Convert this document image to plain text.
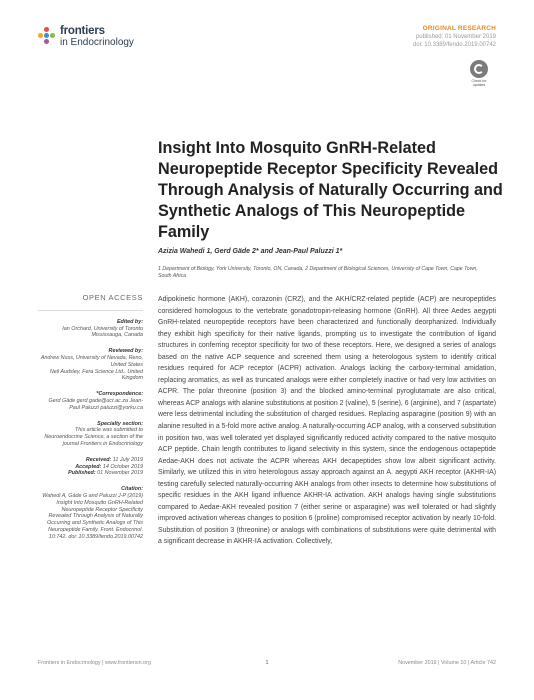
frontiers
in Endocrinology
ORIGINAL RESEARCH
published: 01 November 2019
doi: 10.3389/fendo.2019.00742
Check for updates
Insight Into Mosquito GnRH-Related Neuropeptide Receptor Specificity Revealed Through Analysis of Naturally Occurring and Synthetic Analogs of This Neuropeptide Family
Azizia Wahedi 1, Gerd Gäde 2* and Jean-Paul Paluzzi 1*
1 Department of Biology, York University, Toronto, ON, Canada, 2 Department of Biological Sciences, University of Cape Town, Cape Town, South Africa
OPEN ACCESS
Edited by:
Ian Orchard, University of Toronto Mississauga, Canada
Reviewed by:
Andrew Nuss, University of Nevada, Reno, United States
Neil Audsley, Fera Science Ltd., United Kingdom
*Correspondence:
Gerd Gäde gerd.gade@uct.ac.za Jean-Paul Paluzzi paluzzi@yorku.ca
Specialty section:
This article was submitted to Neuroendocrine Science, a section of the journal Frontiers in Endocrinology
Received: 11 July 2019
Accepted: 14 October 2019
Published: 01 November 2019
Citation:
Wahedi A, Gäde G and Paluzzi J-P (2019) Insight Into Mosquito GnRH-Related Neuropeptide Receptor Specificity Revealed Through Analysis of Naturally Occurring and Synthetic Analogs of This Neuropeptide Family. Front. Endocrinol. 10:742. doi: 10.3389/fendo.2019.00742

Adipokinetic hormone (AKH), corazonin (CRZ), and the AKH/CRZ-related peptide (ACP) are neuropeptides considered homologous to the vertebrate gonadotropin-releasing hormone (GnRH). All three Aedes aegypti GnRH-related neuropeptide receptors have been characterized and functionally deorphanized. Individually they exhibit high specificity for their native ligands, prompting us to investigate the contribution of ligand structures in conferring receptor specificity for two of these receptors. Here, we designed a series of analogs based on the native ACP sequence and screened them using a heterologous system to identify critical residues required for ACP receptor (ACPR) activation. Analogs lacking the carboxy-terminal amidation, replacing aromatics, as well as truncated analogs were either completely inactive or had very low activities on ACPR. The polar threonine (position 3) and the blocked amino-terminal pyroglutamate are also critical, whereas ACP analogs with alanine substitutions at position 2 (valine), 5 (serine), 6 (arginine), and 7 (aspartate) were less detrimental including the substitution of charged residues. Replacing asparagine (position 9) with an alanine resulted in a 5-fold more active analog. A naturally-occurring ACP analog, with a conserved substitution in position two, was well tolerated yet displayed significantly reduced activity compared to the native mosquito ACP peptide. Chain length contributes to ligand selectivity in this system, since the endogenous octapeptide Aedae-AKH does not activate the ACPR whereas AKH decapeptides show low albeit significant activity. Similarly, we utilized this in vitro heterologous assay approach against an A. aegypti AKH receptor (AKHR-IA) testing carefully selected naturally-occurring AKH analogs from other insects to determine how substitutions of specific residues in the AKH ligand influence AKHR-IA activation. AKH analogs having single substitutions compared to Aedae-AKH revealed position 7 (either serine or asparagine) was well tolerated or had slightly improved activation whereas changes to position 6 (proline) compromised receptor activation by nearly 10-fold. Substitution of position 3 (threonine) or analogs with combinations of substitutions were quite detrimental with a significant decrease in AKHR-IA activation. Collectively,

Frontiers in Endocrinology | www.frontiersin.org	1	November 2019 | Volume 10 | Article 742
